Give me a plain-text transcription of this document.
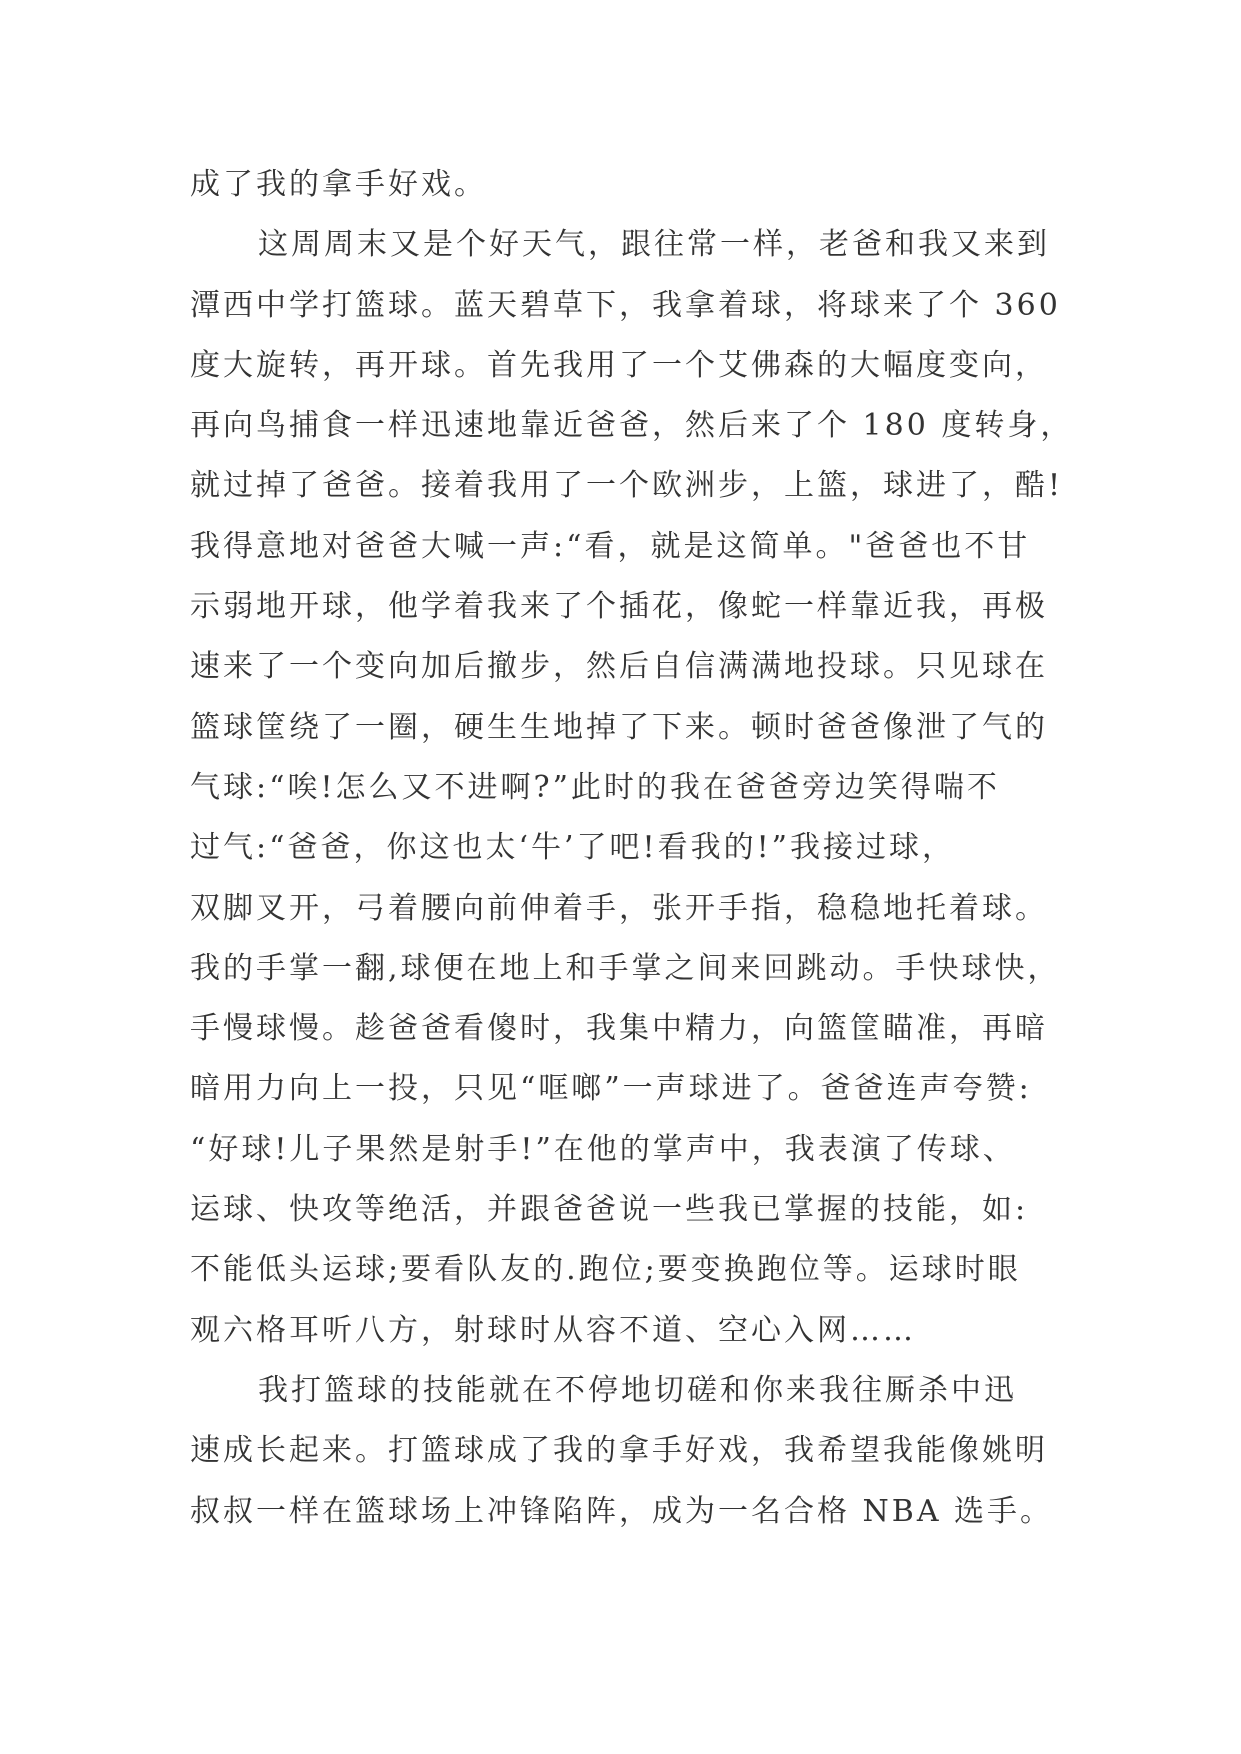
成了我的拿手好戏。
这周周末又是个好天气，跟往常一样，老爸和我又来到
潭西中学打篮球。蓝天碧草下，我拿着球，将球来了个 360
度大旋转，再开球。首先我用了一个艾佛森的大幅度变向，
再向鸟捕食一样迅速地靠近爸爸，然后来了个 180 度转身，
就过掉了爸爸。接着我用了一个欧洲步，上篮，球进了，酷!
我得意地对爸爸大喊一声:“看，就是这简单。"爸爸也不甘
示弱地开球，他学着我来了个插花，像蛇一样靠近我，再极
速来了一个变向加后撤步，然后自信满满地投球。只见球在
篮球筐绕了一圈，硬生生地掉了下来。顿时爸爸像泄了气的
气球:“唉!怎么又不进啊?”此时的我在爸爸旁边笑得喘不
过气:“爸爸，你这也太‘牛’了吧!看我的!”我接过球，
双脚叉开，弓着腰向前伸着手，张开手指，稳稳地托着球。
我的手掌一翻,球便在地上和手掌之间来回跳动。手快球快，
手慢球慢。趁爸爸看傻时，我集中精力，向篮筐瞄准，再暗
暗用力向上一投，只见“哐啷”一声球进了。爸爸连声夸赞:
“好球!儿子果然是射手!”在他的掌声中，我表演了传球、
运球、快攻等绝活，并跟爸爸说一些我已掌握的技能，如:
不能低头运球;要看队友的.跑位;要变换跑位等。运球时眼
观六格耳听八方，射球时从容不道、空心入网……
我打篮球的技能就在不停地切磋和你来我往厮杀中迅
速成长起来。打篮球成了我的拿手好戏，我希望我能像姚明
叔叔一样在篮球场上冲锋陷阵，成为一名合格 NBA 选手。
